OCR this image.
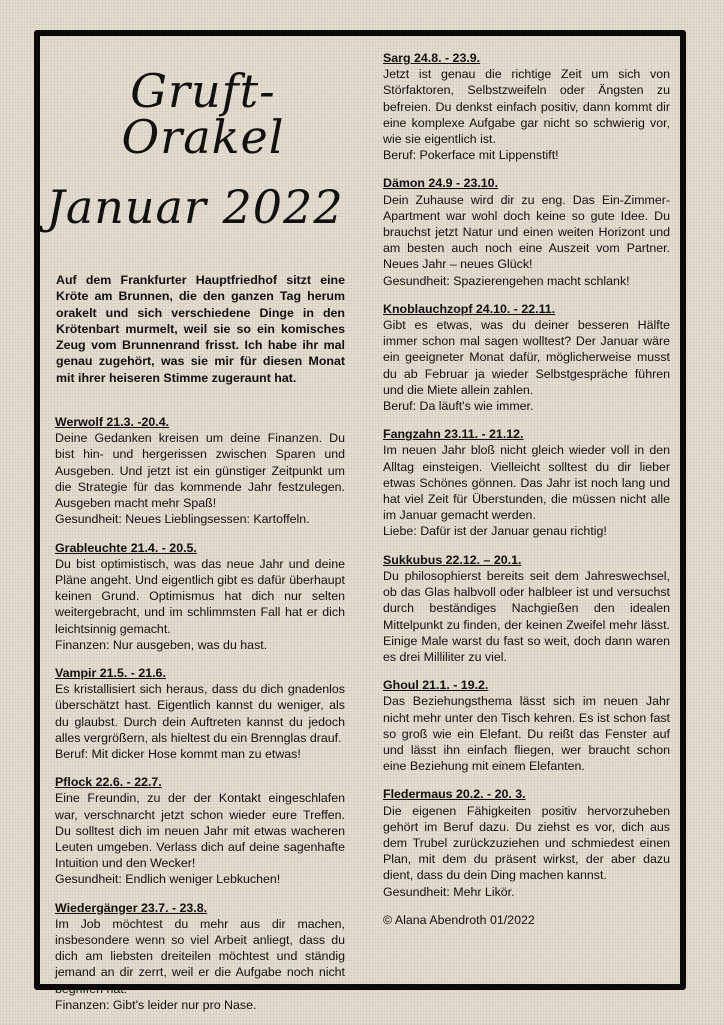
Gruft-Orakel
Januar 2022
Auf dem Frankfurter Hauptfriedhof sitzt eine Kröte am Brunnen, die den ganzen Tag herum orakelt und sich verschiedene Dinge in den Krötenbart murmelt, weil sie so ein komisches Zeug vom Brunnenrand frisst. Ich habe ihr mal genau zugehört, was sie mir für diesen Monat mit ihrer heiseren Stimme zugeraunt hat.
Werwolf 21.3. -20.4.
Deine Gedanken kreisen um deine Finanzen. Du bist hin- und hergerissen zwischen Sparen und Ausgeben. Und jetzt ist ein günstiger Zeitpunkt um die Strategie für das kommende Jahr festzulegen. Ausgeben macht mehr Spaß!
Gesundheit: Neues Lieblingsessen: Kartoffeln.
Grableuchte 21.4. - 20.5.
Du bist optimistisch, was das neue Jahr und deine Pläne angeht. Und eigentlich gibt es dafür überhaupt keinen Grund. Optimismus hat dich nur selten weitergebracht, und im schlimmsten Fall hat er dich leichtsinnig gemacht.
Finanzen: Nur ausgeben, was du hast.
Vampir 21.5. - 21.6.
Es kristallisiert sich heraus, dass du dich gnadenlos überschätzt hast. Eigentlich kannst du weniger, als du glaubst. Durch dein Auftreten kannst du jedoch alles vergrößern, als hieltest du ein Brennglas drauf.
Beruf: Mit dicker Hose kommt man zu etwas!
Pflock 22.6. - 22.7.
Eine Freundin, zu der der Kontakt eingeschlafen war, verschnarcht jetzt schon wieder eure Treffen. Du solltest dich im neuen Jahr mit etwas wacheren Leuten umgeben. Verlass dich auf deine sagenhafte Intuition und den Wecker!
Gesundheit: Endlich weniger Lebkuchen!
Wiedergänger 23.7. - 23.8.
Im Job möchtest du mehr aus dir machen, insbesondere wenn so viel Arbeit anliegt, dass du dich am liebsten dreiteilen möchtest und ständig jemand an dir zerrt, weil er die Aufgabe noch nicht begriffen hat.
Finanzen: Gibt's leider nur pro Nase.
Sarg 24.8. - 23.9.
Jetzt ist genau die richtige Zeit um sich von Störfaktoren, Selbstzweifeln oder Ängsten zu befreien. Du denkst einfach positiv, dann kommt dir eine komplexe Aufgabe gar nicht so schwierig vor, wie sie eigentlich ist.
Beruf: Pokerface mit Lippenstift!
Dämon 24.9 - 23.10.
Dein Zuhause wird dir zu eng. Das Ein-Zimmer-Apartment war wohl doch keine so gute Idee. Du brauchst jetzt Natur und einen weiten Horizont und am besten auch noch eine Auszeit vom Partner. Neues Jahr – neues Glück!
Gesundheit: Spazierengehen macht schlank!
Knoblauchzopf 24.10. - 22.11.
Gibt es etwas, was du deiner besseren Hälfte immer schon mal sagen wolltest? Der Januar wäre ein geeigneter Monat dafür, möglicherweise musst du ab Februar ja wieder Selbstgespräche führen und die Miete allein zahlen.
Beruf: Da läuft's wie immer.
Fangzahn 23.11. - 21.12.
Im neuen Jahr bloß nicht gleich wieder voll in den Alltag einsteigen. Vielleicht solltest du dir lieber etwas Schönes gönnen. Das Jahr ist noch lang und hat viel Zeit für Überstunden, die müssen nicht alle im Januar gemacht werden.
Liebe: Dafür ist der Januar genau richtig!
Sukkubus 22.12. – 20.1.
Du philosophierst bereits seit dem Jahreswechsel, ob das Glas halbvoll oder halbleer ist und versuchst durch beständiges Nachgießen den idealen Mittelpunkt zu finden, der keinen Zweifel mehr lässt. Einige Male warst du fast so weit, doch dann waren es drei Milliliter zu viel.
Ghoul 21.1. - 19.2.
Das Beziehungsthema lässt sich im neuen Jahr nicht mehr unter den Tisch kehren. Es ist schon fast so groß wie ein Elefant. Du reißt das Fenster auf und lässt ihn einfach fliegen, wer braucht schon eine Beziehung mit einem Elefanten.
Fledermaus 20.2. - 20. 3.
Die eigenen Fähigkeiten positiv hervorzuheben gehört im Beruf dazu. Du ziehst es vor, dich aus dem Trubel zurückzuziehen und schmiedest einen Plan, mit dem du präsent wirkst, der aber dazu dient, dass du dein Ding machen kannst.
Gesundheit: Mehr Likör.
© Alana Abendroth 01/2022
